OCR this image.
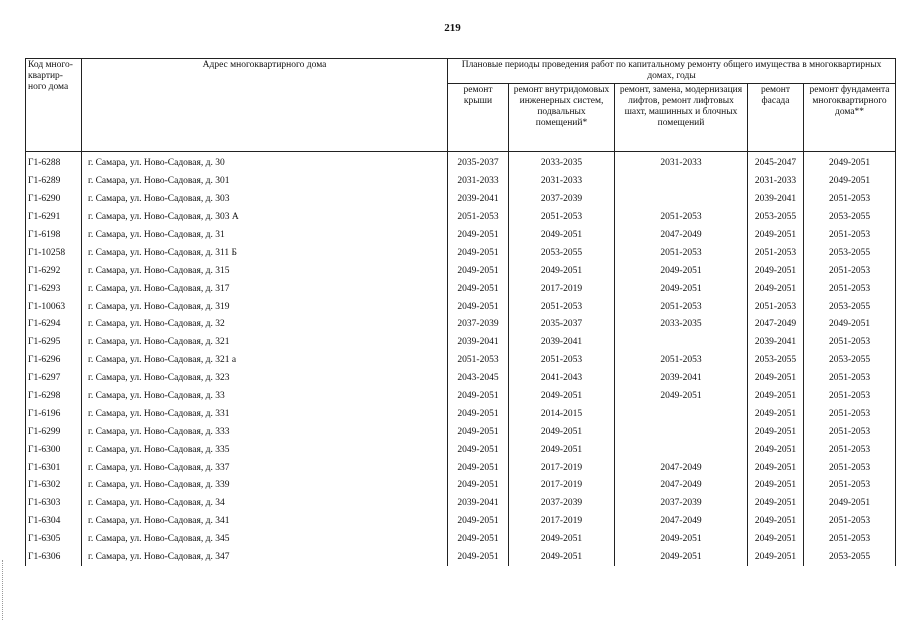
219
Код много-квартир-ного дома	Адрес многоквартирного дома	Плановые периоды проведения работ по капитальному ремонту общего имущества в многоквартирных домах, годы				
		ремонт крыши	ремонт внутридомовых инженерных систем, подвальных помещений*	ремонт, замена, модернизация лифтов, ремонт лифтовых шахт, машинных и блочных помещений	ремонт фасада	ремонт фундамента многоквартирного дома**
Г1-6288	г. Самара, ул. Ново-Садовая, д. 30	2035-2037	2033-2035	2031-2033	2045-2047	2049-2051
Г1-6289	г. Самара, ул. Ново-Садовая, д. 301	2031-2033	2031-2033		2031-2033	2049-2051
Г1-6290	г. Самара, ул. Ново-Садовая, д. 303	2039-2041	2037-2039		2039-2041	2051-2053
Г1-6291	г. Самара, ул. Ново-Садовая, д. 303 А	2051-2053	2051-2053	2051-2053	2053-2055	2053-2055
Г1-6198	г. Самара, ул. Ново-Садовая, д. 31	2049-2051	2049-2051	2047-2049	2049-2051	2051-2053
Г1-10258	г. Самара, ул. Ново-Садовая, д. 311 Б	2049-2051	2053-2055	2051-2053	2051-2053	2053-2055
Г1-6292	г. Самара, ул. Ново-Садовая, д. 315	2049-2051	2049-2051	2049-2051	2049-2051	2051-2053
Г1-6293	г. Самара, ул. Ново-Садовая, д. 317	2049-2051	2017-2019	2049-2051	2049-2051	2051-2053
Г1-10063	г. Самара, ул. Ново-Садовая, д. 319	2049-2051	2051-2053	2051-2053	2051-2053	2053-2055
Г1-6294	г. Самара, ул. Ново-Садовая, д. 32	2037-2039	2035-2037	2033-2035	2047-2049	2049-2051
Г1-6295	г. Самара, ул. Ново-Садовая, д. 321	2039-2041	2039-2041		2039-2041	2051-2053
Г1-6296	г. Самара, ул. Ново-Садовая, д. 321 а	2051-2053	2051-2053	2051-2053	2053-2055	2053-2055
Г1-6297	г. Самара, ул. Ново-Садовая, д. 323	2043-2045	2041-2043	2039-2041	2049-2051	2051-2053
Г1-6298	г. Самара, ул. Ново-Садовая, д. 33	2049-2051	2049-2051	2049-2051	2049-2051	2051-2053
Г1-6196	г. Самара, ул. Ново-Садовая, д. 331	2049-2051	2014-2015		2049-2051	2051-2053
Г1-6299	г. Самара, ул. Ново-Садовая, д. 333	2049-2051	2049-2051		2049-2051	2051-2053
Г1-6300	г. Самара, ул. Ново-Садовая, д. 335	2049-2051	2049-2051		2049-2051	2051-2053
Г1-6301	г. Самара, ул. Ново-Садовая, д. 337	2049-2051	2017-2019	2047-2049	2049-2051	2051-2053
Г1-6302	г. Самара, ул. Ново-Садовая, д. 339	2049-2051	2017-2019	2047-2049	2049-2051	2051-2053
Г1-6303	г. Самара, ул. Ново-Садовая, д. 34	2039-2041	2037-2039	2037-2039	2049-2051	2049-2051
Г1-6304	г. Самара, ул. Ново-Садовая, д. 341	2049-2051	2017-2019	2047-2049	2049-2051	2051-2053
Г1-6305	г. Самара, ул. Ново-Садовая, д. 345	2049-2051	2049-2051	2049-2051	2049-2051	2051-2053
Г1-6306	г. Самара, ул. Ново-Садовая, д. 347	2049-2051	2049-2051	2049-2051	2049-2051	2053-2055
